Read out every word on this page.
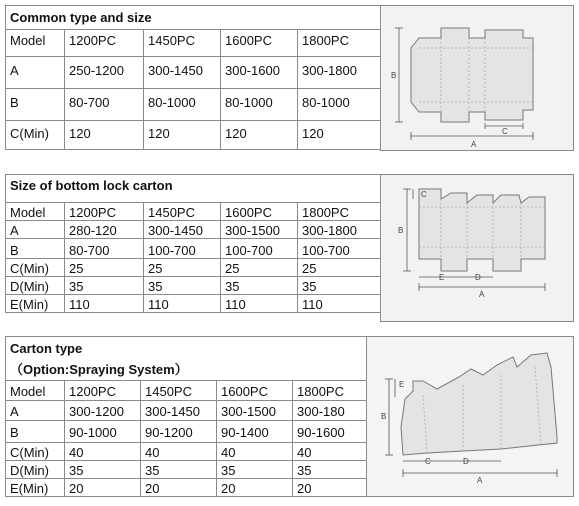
Common type and size				
Model	1200PC	1450PC	1600PC	1800PC
A	250-1200	300-1450	300-1600	300-1800
B	80-700	80-1000	80-1000	80-1000
C(Min)	120	120	120	120
B
A
C
Size of bottom lock carton				
Model	1200PC	1450PC	1600PC	1800PC
A	280-120	300-1450	300-1500	300-1800
B	80-700	100-700	100-700	100-700
C(Min)	25	25	25	25
D(Min)	35	35	35	35
E(Min)	110	110	110	110
C
B
E	D
A
Carton type				
（Option:Spraying System）				
Model	1200PC	1450PC	1600PC	1800PC
A	300-1200	300-1450	300-1500	300-180
B	90-1000	90-1200	90-1400	90-1600
C(Min)	40	40	40	40
D(Min)	35	35	35	35
E(Min)	20	20	20	20
E
B
C	D
A
